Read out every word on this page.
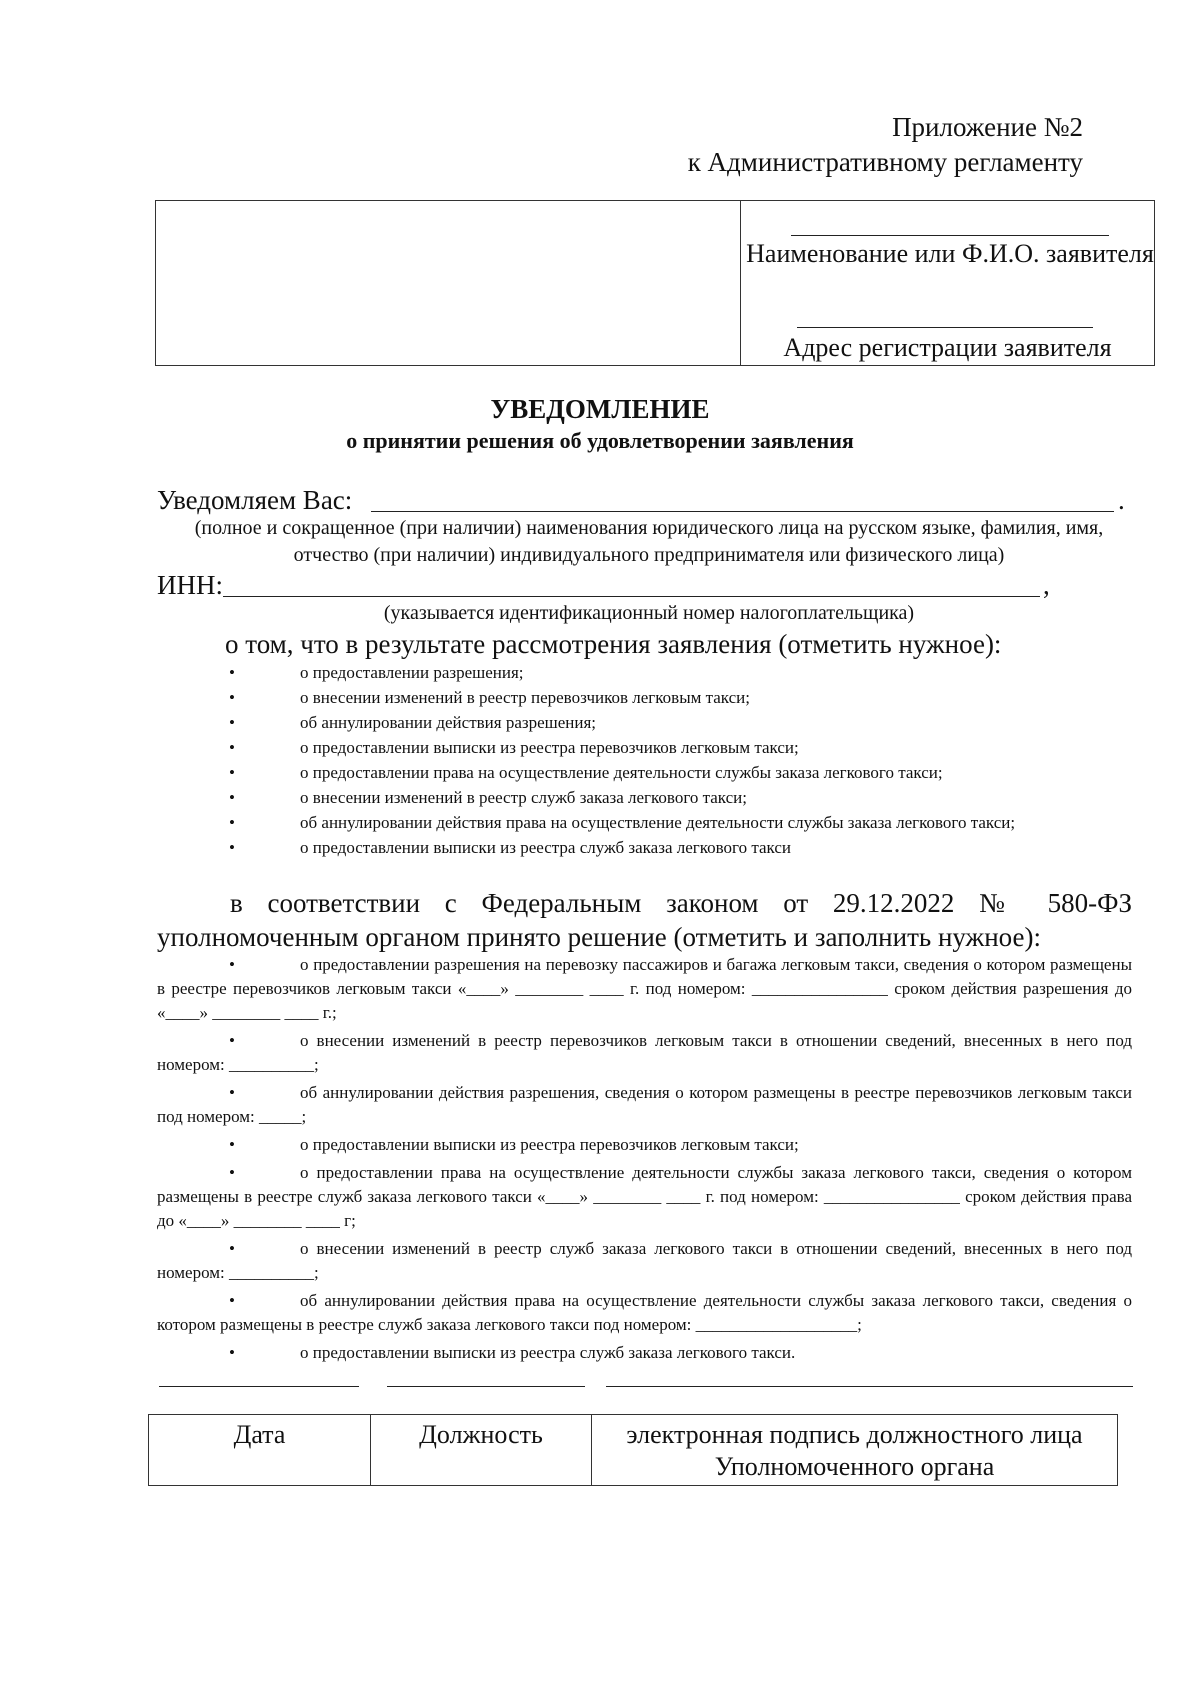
Приложение №2
к Административному регламенту
Наименование или Ф.И.О. заявителя
Адрес регистрации заявителя
УВЕДОМЛЕНИЕ
о принятии решения об удовлетворении заявления
Уведомляем Вас:	.
(полное и сокращенное (при наличии) наименования юридического лица на русском языке, фамилия, имя, отчество (при наличии) индивидуального предпринимателя или физического лица)
ИНН:	,
(указывается идентификационный номер налогоплательщика)
о том, что в результате рассмотрения заявления (отметить нужное):
•	о предоставлении разрешения;
•	о внесении изменений в реестр перевозчиков легковым такси;
•	об аннулировании действия разрешения;
•	о предоставлении выписки из реестра перевозчиков легковым такси;
•	о предоставлении права на осуществление деятельности службы заказа легкового такси;
•	о внесении изменений в реестр служб заказа легкового такси;
•	об аннулировании действия права на осуществление деятельности службы заказа легкового такси;
•	о предоставлении выписки из реестра служб заказа легкового такси
в соответствии с Федеральным законом от 29.12.2022 № 580-ФЗ
уполномоченным органом принято решение (отметить и заполнить нужное):
•	о предоставлении разрешения на перевозку пассажиров и багажа легковым такси, сведения о котором размещены в реестре перевозчиков легковым такси «____» ________ ____ г. под номером: ________________ сроком действия разрешения до «____» ________ ____ г.;
•	о внесении изменений в реестр перевозчиков легковым такси в отношении сведений, внесенных в него под номером: __________;
•	об аннулировании действия разрешения, сведения о котором размещены в реестре перевозчиков легковым такси под номером: _____;
•	о предоставлении выписки из реестра перевозчиков легковым такси;
•	о предоставлении права на осуществление деятельности службы заказа легкового такси, сведения о котором размещены в реестре служб заказа легкового такси «____» ________ ____ г. под номером: ________________ сроком действия права до «____» ________ ____ г;
•	о внесении изменений в реестр служб заказа легкового такси в отношении сведений, внесенных в него под номером: __________;
•	об аннулировании действия права на осуществление деятельности службы заказа легкового такси, сведения о котором размещены в реестре служб заказа легкового такси под номером: ___________________;
•	о предоставлении выписки из реестра служб заказа легкового такси.
Дата	Должность	электронная подпись должностного лица Уполномоченного органа
